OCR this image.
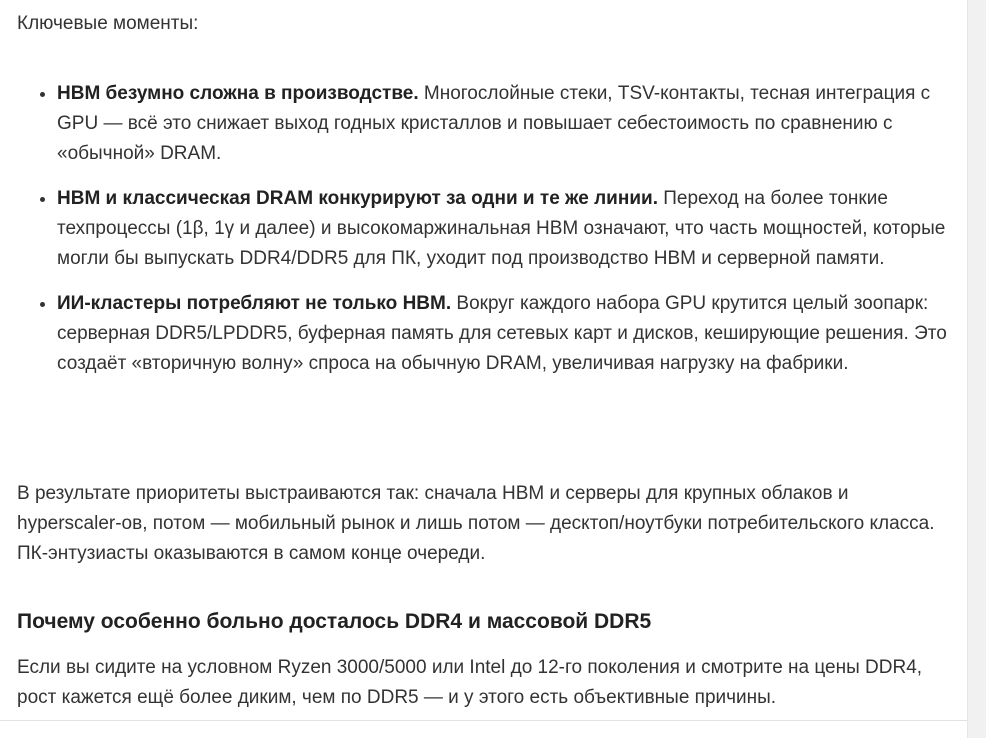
Ключевые моменты:

• HBM безумно сложна в производстве. Многослойные стеки, TSV-контакты, тесная интеграция с GPU — всё это снижает выход годных кристаллов и повышает себестоимость по сравнению с «обычной» DRAM.
• HBM и классическая DRAM конкурируют за одни и те же линии. Переход на более тонкие техпроцессы (1β, 1γ и далее) и высокомаржинальная HBM означают, что часть мощностей, которые могли бы выпускать DDR4/DDR5 для ПК, уходит под производство HBM и серверной памяти.
• ИИ-кластеры потребляют не только HBM. Вокруг каждого набора GPU крутится целый зоопарк: серверная DDR5/LPDDR5, буферная память для сетевых карт и дисков, кеширующие решения. Это создаёт «вторичную волну» спроса на обычную DRAM, увеличивая нагрузку на фабрики.

В результате приоритеты выстраиваются так: сначала HBM и серверы для крупных облаков и hyperscaler-ов, потом — мобильный рынок и лишь потом — десктоп/ноутбуки потребительского класса. ПК-энтузиасты оказываются в самом конце очереди.

Почему особенно больно досталось DDR4 и массовой DDR5

Если вы сидите на условном Ryzen 3000/5000 или Intel до 12-го поколения и смотрите на цены DDR4, рост кажется ещё более диким, чем по DDR5 — и у этого есть объективные причины.
